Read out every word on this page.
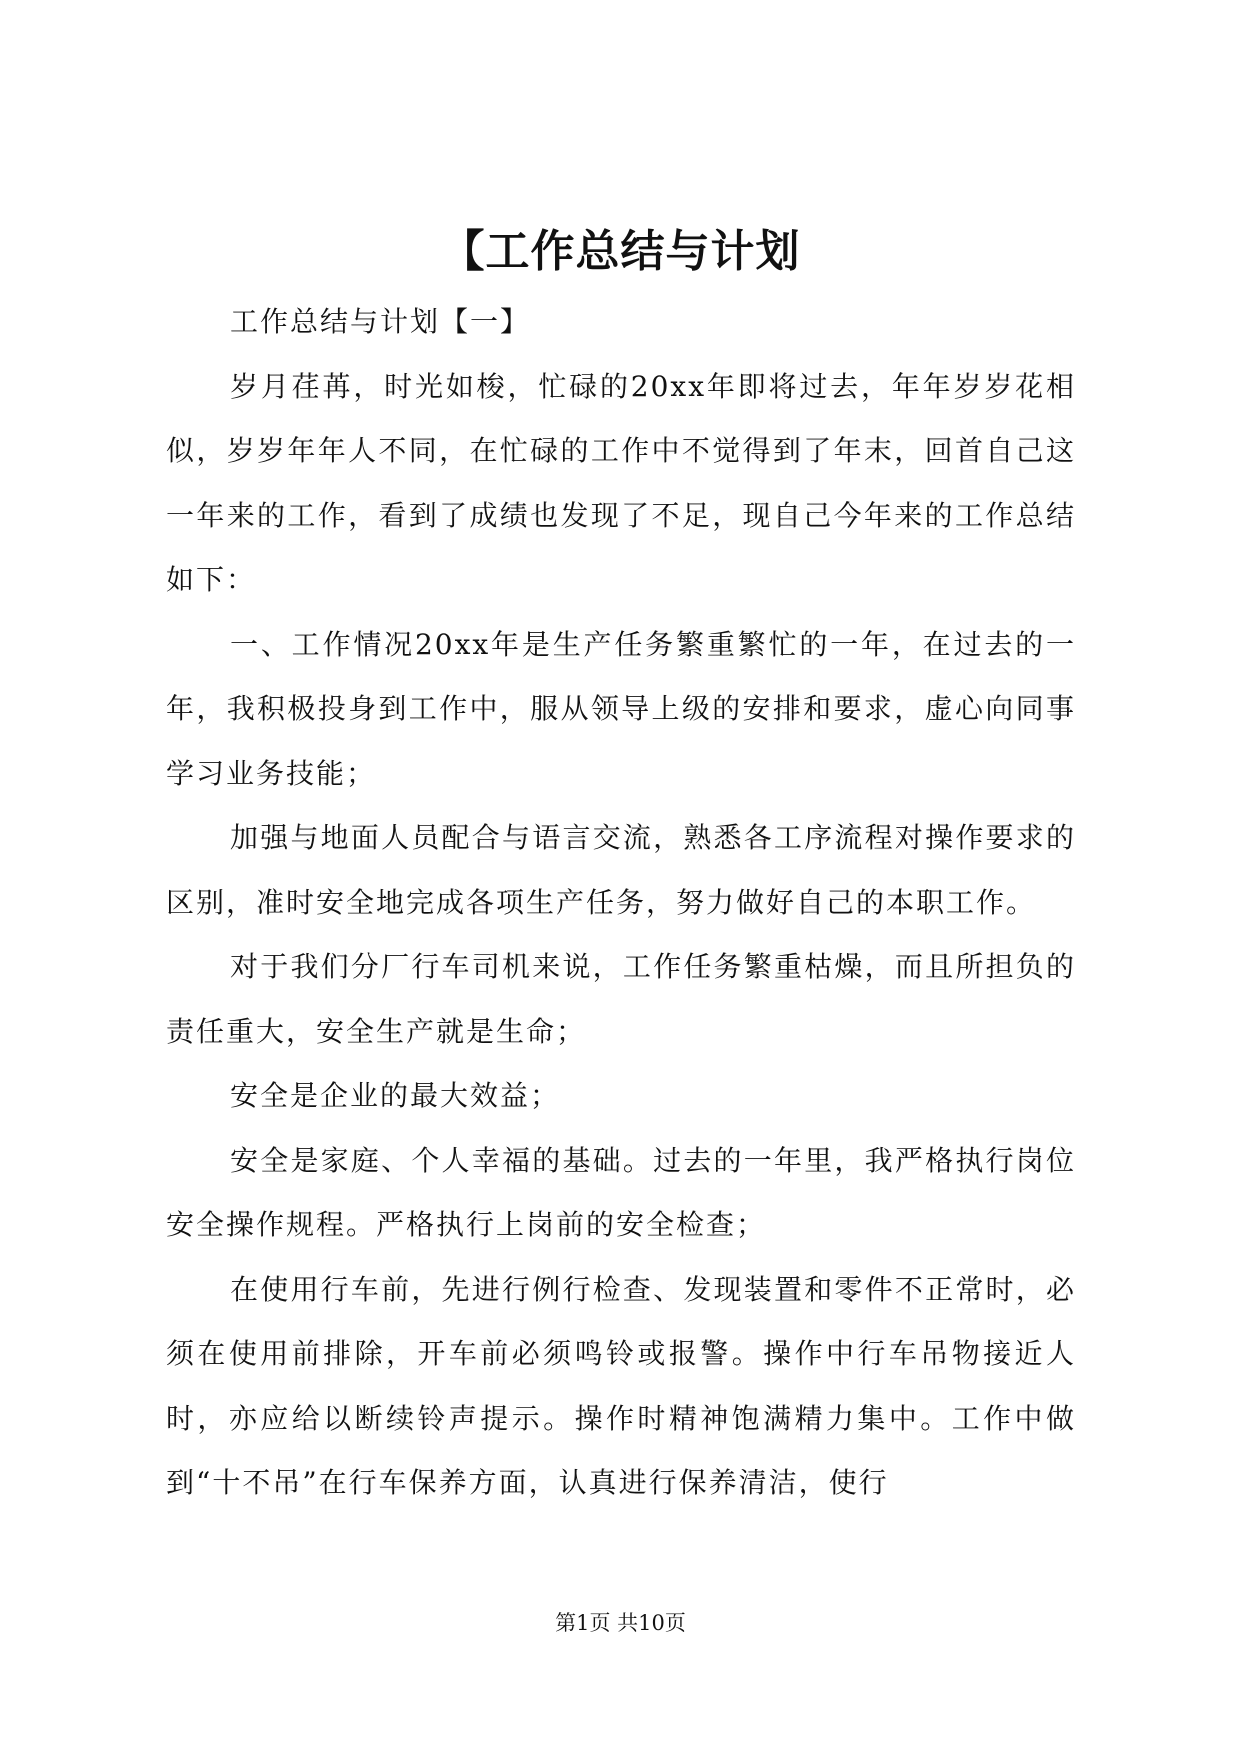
【工作总结与计划

工作总结与计划【一】

岁月荏苒，时光如梭，忙碌的20xx年即将过去，年年岁岁花相似，岁岁年年人不同，在忙碌的工作中不觉得到了年末，回首自己这一年来的工作，看到了成绩也发现了不足，现自己今年来的工作总结如下：

一、工作情况20xx年是生产任务繁重繁忙的一年，在过去的一年，我积极投身到工作中，服从领导上级的安排和要求，虚心向同事学习业务技能；

加强与地面人员配合与语言交流，熟悉各工序流程对操作要求的区别，准时安全地完成各项生产任务，努力做好自己的本职工作。

对于我们分厂行车司机来说，工作任务繁重枯燥，而且所担负的责任重大，安全生产就是生命；

安全是企业的最大效益；

安全是家庭、个人幸福的基础。过去的一年里，我严格执行岗位安全操作规程。严格执行上岗前的安全检查；

在使用行车前，先进行例行检查、发现装置和零件不正常时，必须在使用前排除，开车前必须鸣铃或报警。操作中行车吊物接近人时，亦应给以断续铃声提示。操作时精神饱满精力集中。工作中做到“十不吊”在行车保养方面，认真进行保养清洁，使行

第1页 共10页
